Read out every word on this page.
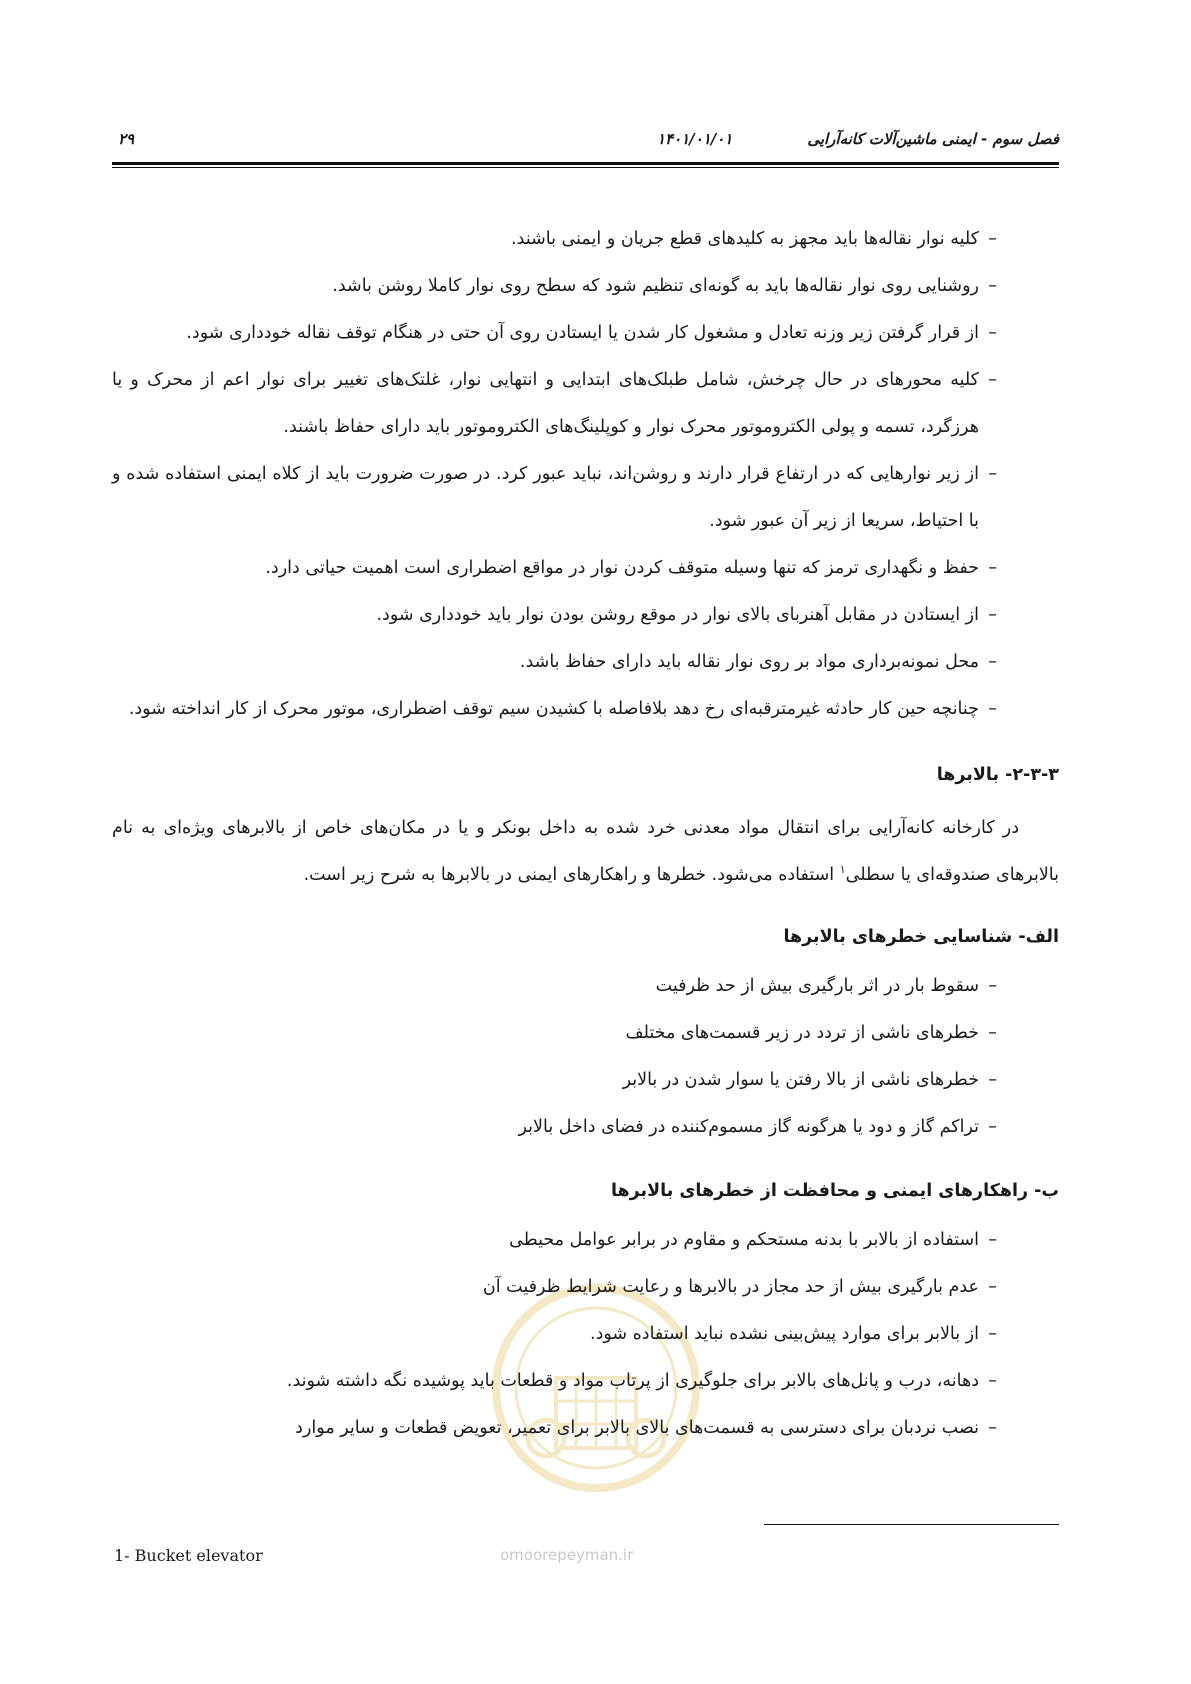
فصل سوم - ایمنی ماشین‌آلات کانه‌آرایی
۱۴۰۱/۰۱/۰۱
۲۹
– کلیه نوار نقاله‌ها باید مجهز به کلیدهای قطع جریان و ایمنی باشند.
– روشنایی روی نوار نقاله‌ها باید به گونه‌ای تنظیم شود که سطح روی نوار کاملا روشن باشد.
– از قرار گرفتن زیر وزنه تعادل و مشغول کار شدن یا ایستادن روی آن حتی در هنگام توقف نقاله خودداری شود.
– کلیه محورهای در حال چرخش، شامل طبلک‌های ابتدایی و انتهایی نوار، غلتک‌های تغییر برای نوار اعم از محرک و یا هرزگرد، تسمه و پولی الکتروموتور محرک نوار و کوپلینگ‌های الکتروموتور باید دارای حفاظ باشند.
– از زیر نوارهایی که در ارتفاع قرار دارند و روشن‌اند، نباید عبور کرد. در صورت ضرورت باید از کلاه ایمنی استفاده شده و با احتیاط، سریعا از زیر آن عبور شود.
– حفظ و نگهداری ترمز که تنها وسیله متوقف کردن نوار در مواقع اضطراری است اهمیت حیاتی دارد.
– از ایستادن در مقابل آهنربای بالای نوار در موقع روشن بودن نوار باید خودداری شود.
– محل نمونه‌برداری مواد بر روی نوار نقاله باید دارای حفاظ باشد.
– چنانچه حین کار حادثه غیرمترقبه‌ای رخ دهد بلافاصله با کشیدن سیم توقف اضطراری، موتور محرک از کار انداخته شود.
۲-۳-۳- بالابرها
در کارخانه کانه‌آرایی برای انتقال مواد معدنی خرد شده به داخل بونکر و یا در مکان‌های خاص از بالابرهای ویژه‌ای به نام بالابرهای صندوقه‌ای یا سطلی$^۱$ استفاده می‌شود. خطرها و راهکارهای ایمنی در بالابرها به شرح زیر است.
الف- شناسایی خطرهای بالابرها
– سقوط بار در اثر بارگیری بیش از حد ظرفیت
– خطرهای ناشی از تردد در زیر قسمت‌های مختلف
– خطرهای ناشی از بالا رفتن یا سوار شدن در بالابر
– تراکم گاز و دود یا هرگونه گاز مسموم‌کننده در فضای داخل بالابر
ب- راهکارهای ایمنی و محافظت از خطرهای بالابرها
– استفاده از بالابر با بدنه مستحکم و مقاوم در برابر عوامل محیطی
– عدم بارگیری بیش از حد مجاز در بالابرها و رعایت شرایط ظرفیت آن
– از بالابر برای موارد پیش‌بینی نشده نباید استفاده شود.
– دهانه، درب و پانل‌های بالابر برای جلوگیری از پرتاب مواد و قطعات باید پوشیده نگه داشته شوند.
– نصب نردبان برای دسترسی به قسمت‌های بالای بالابر برای تعمیر، تعویض قطعات و سایر موارد
1- Bucket elevator	omoorepeyman.ir
